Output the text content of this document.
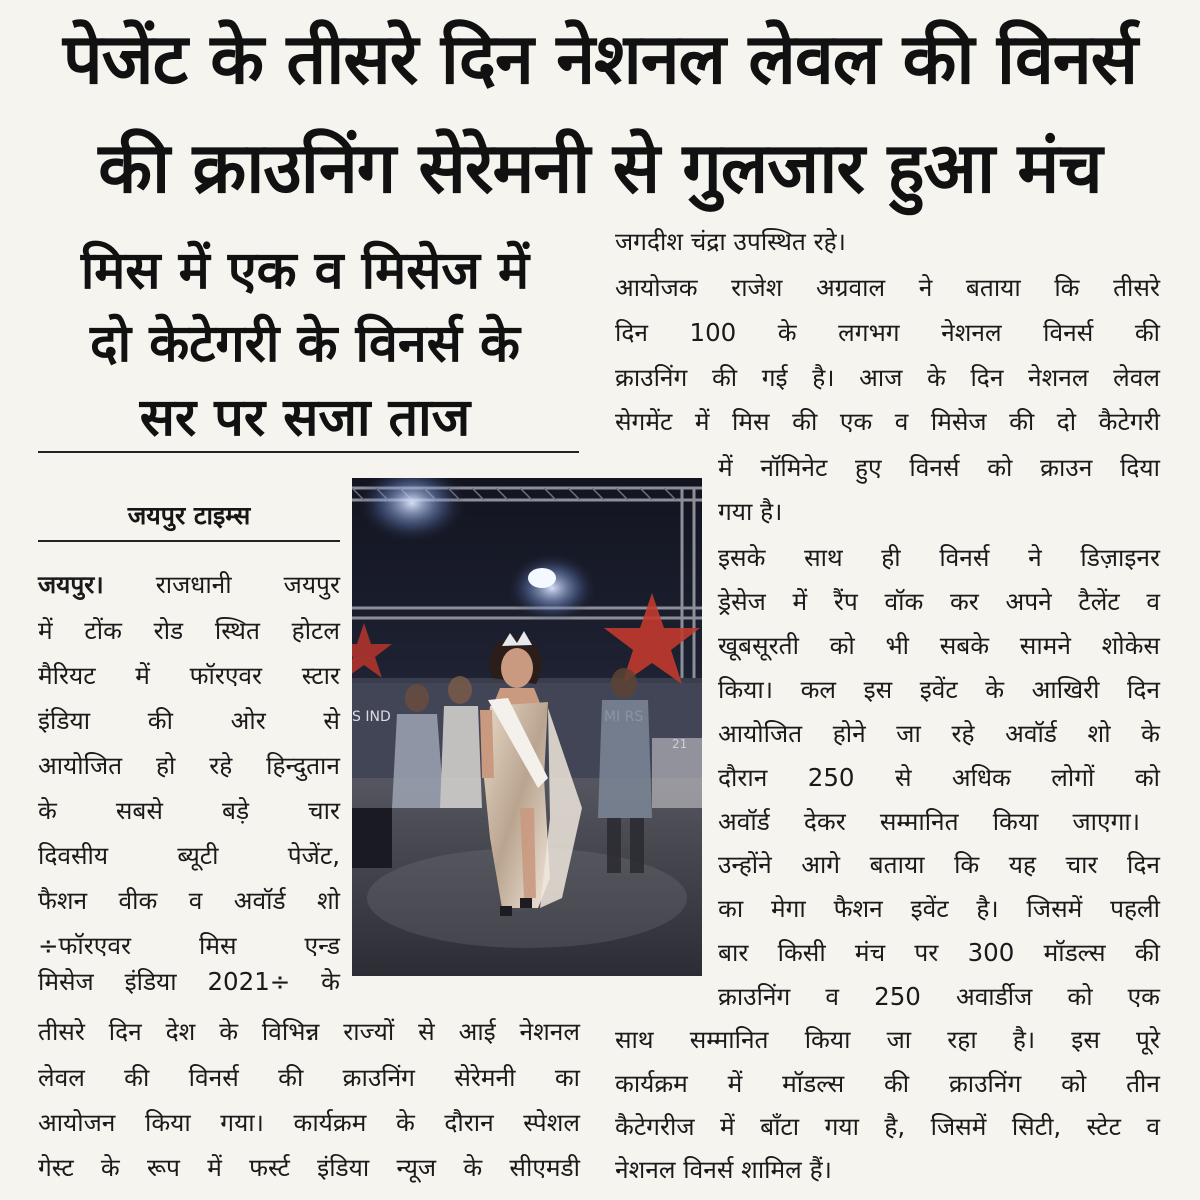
पेजेंट के तीसरे दिन नेशनल लेवल की विनर्स
की क्राउनिंग सेरेमनी से गुलजार हुआ मंच
मिस में एक व मिसेज में
दो केटेगरी के विनर्स के
सर पर सजा ताज
जयपुर टाइम्स
S IND
जयपुर। राजधानी जयपुर
में टोंक रोड स्थित होटल
मैरियट में फॉरएवर स्टार
इंडिया की ओर से
आयोजित हो रहे हिन्दुतान
के सबसे बड़े चार
दिवसीय ब्यूटी पेजेंट,
फैशन वीक व अवॉर्ड शो
÷फॉरएवर मिस एन्ड
मिसेज इंडिया 2021÷ के
तीसरे दिन देश के विभिन्न राज्यों से आई नेशनल
लेवल की विनर्स की क्राउनिंग सेरेमनी का
आयोजन किया गया। कार्यक्रम के दौरान स्पेशल
गेस्ट के रूप में फर्स्ट इंडिया न्यूज के सीएमडी
जगदीश चंद्रा उपस्थित रहे।
आयोजक राजेश अग्रवाल ने बताया कि तीसरे
दिन 100 के लगभग नेशनल विनर्स की
क्राउनिंग की गई है। आज के दिन नेशनल लेवल
सेगमेंट में मिस की एक व मिसेज की दो कैटेगरी
में नॉमिनेट हुए विनर्स को क्राउन दिया
गया है।
इसके साथ ही विनर्स ने डिज़ाइनर
ड्रेसेज में रैंप वॉक कर अपने टैलेंट व
खूबसूरती को भी सबके सामने शोकेस
किया। कल इस इवेंट के आखिरी दिन
आयोजित होने जा रहे अवॉर्ड शो के
दौरान 250 से अधिक लोगों को
अवॉर्ड देकर सम्मानित किया जाएगा।
उन्होंने आगे बताया कि यह चार दिन
का मेगा फैशन इवेंट है। जिसमें पहली
बार किसी मंच पर 300 मॉडल्स की
क्राउनिंग व 250 अवार्डीज को एक
साथ सम्मानित किया जा रहा है। इस पूरे
कार्यक्रम में मॉडल्स की क्राउनिंग को तीन
कैटेगरीज में बाँटा गया है, जिसमें सिटी, स्टेट व
नेशनल विनर्स शामिल हैं।
